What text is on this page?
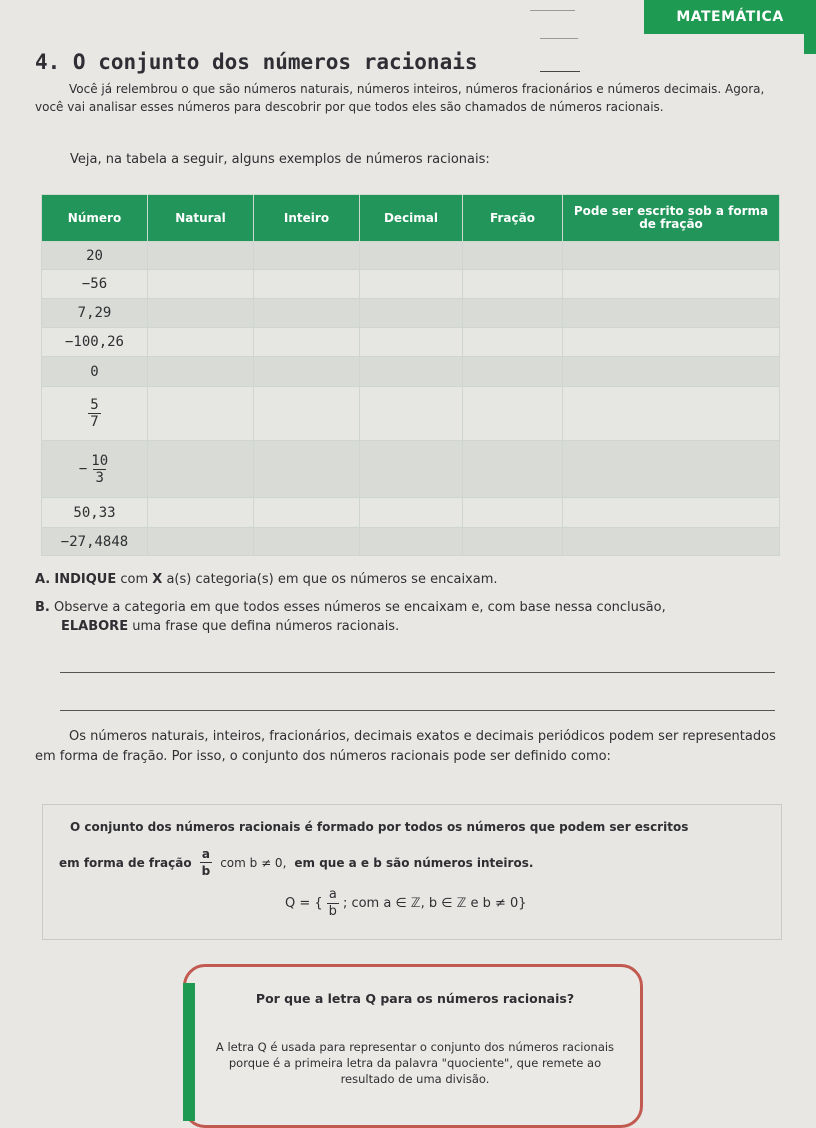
MATEMÁTICA
4. O conjunto dos números racionais

Você já relembrou o que são números naturais, números inteiros, números fracionários e números decimais. Agora, você vai analisar esses números para descobrir por que todos eles são chamados de números racionais.

Veja, na tabela a seguir, alguns exemplos de números racionais:
Número	Natural	Inteiro	Decimal	Fração	Pode ser escrito sob a forma de fração
20					
−56					
7,29					
−100,26					
0					

$\frac{5}{7}$

− $\frac{10}{3}$

50,33					
−27,4848					
A. INDIQUE com X a(s) categoria(s) em que os números se encaixam.
B. Observe a categoria em que todos esses números se encaixam e, com base nessa conclusão,
ELABORE uma frase que defina números racionais.

Os números naturais, inteiros, fracionários, decimais exatos e decimais periódicos podem ser representados em forma de fração. Por isso, o conjunto dos números racionais pode ser definido como:

O conjunto dos números racionais é formado por todos os números que podem ser escritos
em forma de fração $\frac{a}{b}$ com b ≠ 0, em que a e b são números inteiros.
Q = { $\frac{a}{b}$ ; com a ∈ ℤ, b ∈ ℤ e b ≠ 0}
Por que a letra Q para os números racionais?
A letra Q é usada para representar o conjunto dos números racionais porque é a primeira letra da palavra "quociente", que remete ao resultado de uma divisão.
